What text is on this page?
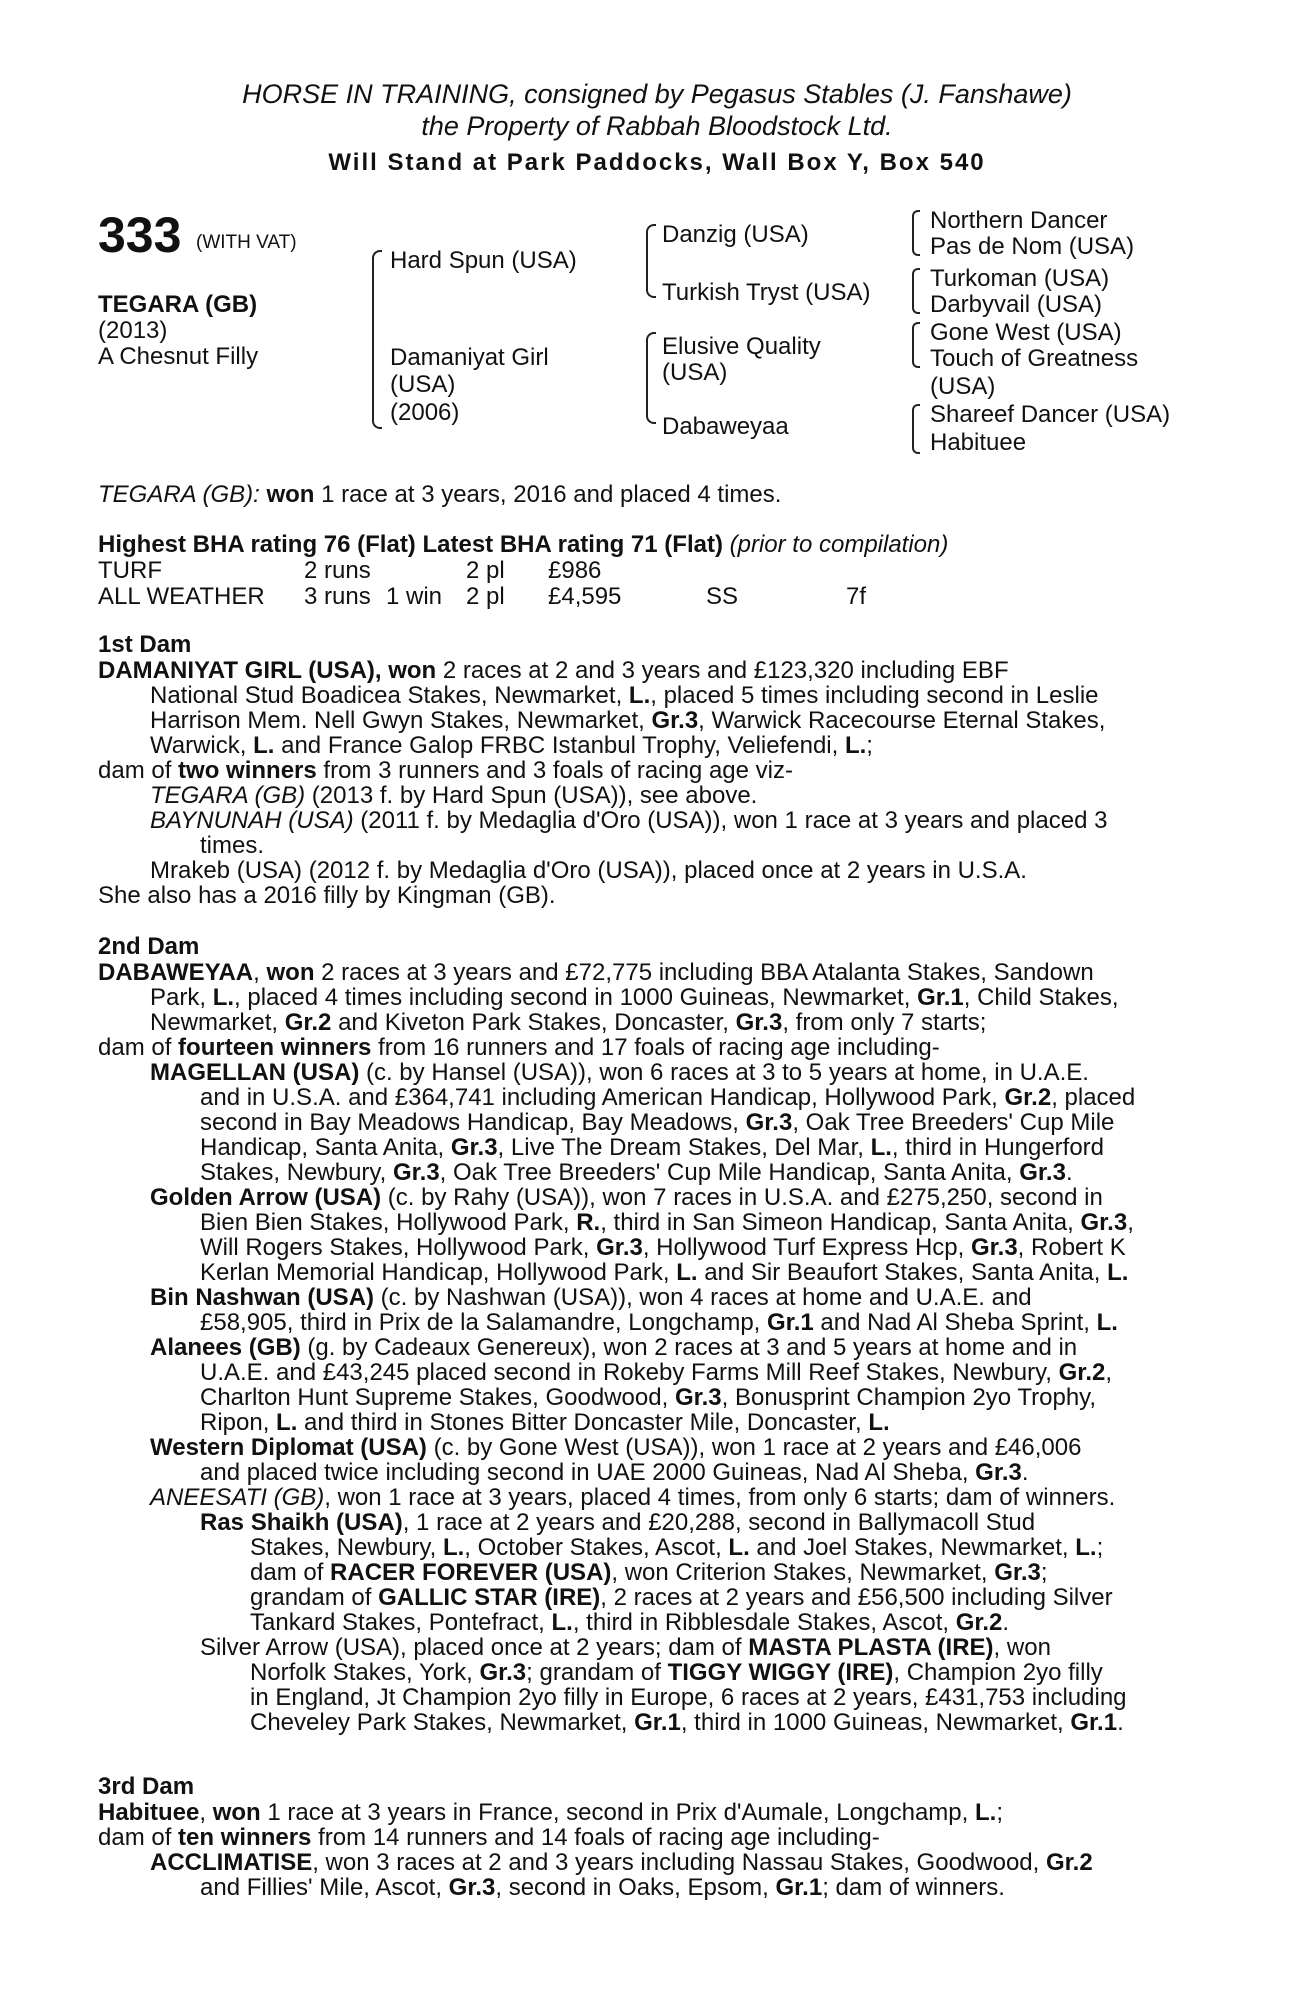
HORSE IN TRAINING, consigned by Pegasus Stables (J. Fanshawe)
the Property of Rabbah Bloodstock Ltd.
Will Stand at Park Paddocks, Wall Box Y, Box 540
333 (WITH VAT)
TEGARA (GB)
(2013)
A Chesnut Filly
Hard Spun (USA)
Damaniyat Girl
(USA)
(2006)
Danzig (USA)
Turkish Tryst (USA)
Elusive Quality
(USA)
Dabaweyaa
Northern Dancer
Pas de Nom (USA)
Turkoman (USA)
Darbyvail (USA)
Gone West (USA)
Touch of Greatness
(USA)
Shareef Dancer (USA)
Habituee
TEGARA (GB): won 1 race at 3 years, 2016 and placed 4 times.
Highest BHA rating 76 (Flat) Latest BHA rating 71 (Flat) (prior to compilation)
TURF	2 runs	2 pl £986
ALL WEATHER 3 runs 1 win 2 pl £4,595	SS	7f
1st Dam
DAMANIYAT GIRL (USA), won 2 races at 2 and 3 years and £123,320 including EBF
National Stud Boadicea Stakes, Newmarket, L., placed 5 times including second in Leslie
Harrison Mem. Nell Gwyn Stakes, Newmarket, Gr.3, Warwick Racecourse Eternal Stakes,
Warwick, L. and France Galop FRBC Istanbul Trophy, Veliefendi, L.;
dam of two winners from 3 runners and 3 foals of racing age viz-
TEGARA (GB) (2013 f. by Hard Spun (USA)), see above.
BAYNUNAH (USA) (2011 f. by Medaglia d'Oro (USA)), won 1 race at 3 years and placed 3
times.
Mrakeb (USA) (2012 f. by Medaglia d'Oro (USA)), placed once at 2 years in U.S.A.
She also has a 2016 filly by Kingman (GB).
2nd Dam
DABAWEYAA, won 2 races at 3 years and £72,775 including BBA Atalanta Stakes, Sandown
Park, L., placed 4 times including second in 1000 Guineas, Newmarket, Gr.1, Child Stakes,
Newmarket, Gr.2 and Kiveton Park Stakes, Doncaster, Gr.3, from only 7 starts;
dam of fourteen winners from 16 runners and 17 foals of racing age including-
MAGELLAN (USA) (c. by Hansel (USA)), won 6 races at 3 to 5 years at home, in U.A.E.
and in U.S.A. and £364,741 including American Handicap, Hollywood Park, Gr.2, placed
second in Bay Meadows Handicap, Bay Meadows, Gr.3, Oak Tree Breeders' Cup Mile
Handicap, Santa Anita, Gr.3, Live The Dream Stakes, Del Mar, L., third in Hungerford
Stakes, Newbury, Gr.3, Oak Tree Breeders' Cup Mile Handicap, Santa Anita, Gr.3.
Golden Arrow (USA) (c. by Rahy (USA)), won 7 races in U.S.A. and £275,250, second in
Bien Bien Stakes, Hollywood Park, R., third in San Simeon Handicap, Santa Anita, Gr.3,
Will Rogers Stakes, Hollywood Park, Gr.3, Hollywood Turf Express Hcp, Gr.3, Robert K
Kerlan Memorial Handicap, Hollywood Park, L. and Sir Beaufort Stakes, Santa Anita, L.
Bin Nashwan (USA) (c. by Nashwan (USA)), won 4 races at home and U.A.E. and
£58,905, third in Prix de la Salamandre, Longchamp, Gr.1 and Nad Al Sheba Sprint, L.
Alanees (GB) (g. by Cadeaux Genereux), won 2 races at 3 and 5 years at home and in
U.A.E. and £43,245 placed second in Rokeby Farms Mill Reef Stakes, Newbury, Gr.2,
Charlton Hunt Supreme Stakes, Goodwood, Gr.3, Bonusprint Champion 2yo Trophy,
Ripon, L. and third in Stones Bitter Doncaster Mile, Doncaster, L.
Western Diplomat (USA) (c. by Gone West (USA)), won 1 race at 2 years and £46,006
and placed twice including second in UAE 2000 Guineas, Nad Al Sheba, Gr.3.
ANEESATI (GB), won 1 race at 3 years, placed 4 times, from only 6 starts; dam of winners.
Ras Shaikh (USA), 1 race at 2 years and £20,288, second in Ballymacoll Stud
Stakes, Newbury, L., October Stakes, Ascot, L. and Joel Stakes, Newmarket, L.;
dam of RACER FOREVER (USA), won Criterion Stakes, Newmarket, Gr.3;
grandam of GALLIC STAR (IRE), 2 races at 2 years and £56,500 including Silver
Tankard Stakes, Pontefract, L., third in Ribblesdale Stakes, Ascot, Gr.2.
Silver Arrow (USA), placed once at 2 years; dam of MASTA PLASTA (IRE), won
Norfolk Stakes, York, Gr.3; grandam of TIGGY WIGGY (IRE), Champion 2yo filly
in England, Jt Champion 2yo filly in Europe, 6 races at 2 years, £431,753 including
Cheveley Park Stakes, Newmarket, Gr.1, third in 1000 Guineas, Newmarket, Gr.1.
3rd Dam
Habituee, won 1 race at 3 years in France, second in Prix d'Aumale, Longchamp, L.;
dam of ten winners from 14 runners and 14 foals of racing age including-
ACCLIMATISE, won 3 races at 2 and 3 years including Nassau Stakes, Goodwood, Gr.2
and Fillies' Mile, Ascot, Gr.3, second in Oaks, Epsom, Gr.1; dam of winners.
